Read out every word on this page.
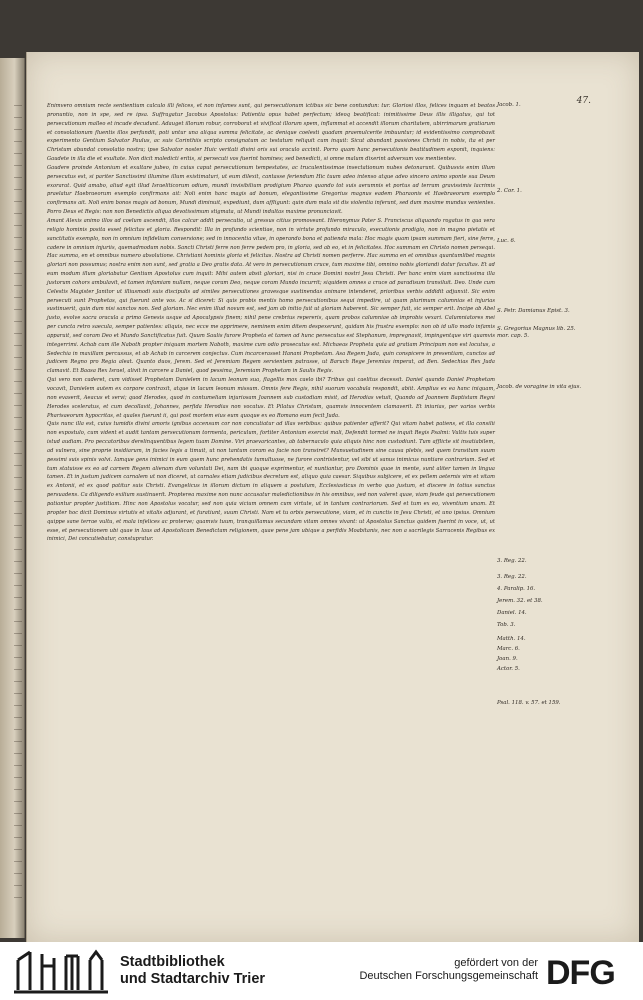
47.

Enimvero omnium recte sentientium calculo illi felices, et non infames sunt, qui persecutionum ictibus sic bene contundun: tur. Gloriosi illos, felices inquam et beatos pronuntio, non in spe, sed re ipsa. Suffragatur Jacobus Apostolus: Patientia opus habet perfectum; ideoq beatificat: inimitissime Deus illis illigatus, qui tot persecutionum malleo et incude decudunt. Adauget illorum robur, corroborat et vivificat illorum spem, inflammat et accendit illorum charitatem, ubirrimarum gratiarum et consolationum fluentis illos perfundit, poti untur una aliqua summa felicitate, ac denique coelesti quadam praemulcerite imbuuntur; id evidentissimo comprobavit experimento Gentium Salvator Paulus, ac suis Corinthiis scripto consignatum ac testatum reliquit cum inquit: Sicut abundant passiones Christi in nobis, ita et per Christum abundat consolatio nostra; ipse Salvator noster Huic veritati divini oris sui oraculo accinit. Porro quam hanc persecutionis beatitudinem exponit, inquiens: Gaudete in illa die et exultate. Non dicit maledicti eritis, si persecuti vos fuerint homines; sed benedicti, si omne malum dixerint adversum vos mentientes.

Gaudere proinde Antonium et exultare jubeo, in cuius caput persecutionum tempestates, ac truculentissimae insectationum nubes detonarunt. Quibusvis enim illum persecutus est, si pariter Sanctissimi illumine illum existimaturi, ut eum dilexit, cantasse feriendum Hic tuum adeo intenso atque adeo sincero animo sponte sua Deum exorarat. Quid amabo, aliud egit illud Israeliticorum odium, mundi invisibilium prodigium Pharao quando tot suis aerumnis et portus ad terram gravissimis lacrimis praelatur Haebraeorum exemplo confirmans ait: Noli enim hanc magis ad bonum, elegantissime Gregorius magnus eadem Pharaonis et Haebraeorum exemplo confirmans ait. Noli enim bonos magis ad bonum, Mundi diminuit, expediunt, dum affligunt: quin dum mala sit dis violentia inferunt, sed dum maxime mundus venientes. Porro Deus et Regis: non non Benedictis aliqua devotissimum stigmata, ut Mundi indultas maxime pronunciavit.

Amant Alexis animo illos ad coelum ascendit, illos calcar addit persecutio, ut gressus citius promoveant. Hieronymus Pater S. Franciscus aliquando rogatus in qua vera religio hominis posita esset felicitas et gloria. Respondit: Illa in profundo scientiae, non in virtute profundo miraculo, executionis prodigio, non in magno pietatis et sanctitatis exemplo, non in omnium infidelium conversione; sed in innocentia vitae, in operando bona et patienda mala: Hoc magis quam ipsam summam fieri, sine ferre, cadere in omnium injuriis, quemadmodum nobis. Sancti Christi ferre non ferre pedem pro, in gloria, sed ab eo, et in felicitates. Hoc summam en Christo nomen persequi. Hac summa, en et omnibus numero absolutione. Christiani hominis gloria et felicitas. Nostra ad Christi nomen perferre. Hac summa en et omnibus quantumlibet magnis gloriari non possumus; nostra enim non sunt, sed gratia a Deo gratis data. At vero in persecutionum cruce, tum maxime tibi, omnino nobis gloriandi datur facultas. Et ad eum modum illum gloriabatur Gentium Apostolus cum inquit: Mihi autem absit gloriari, nisi in cruce Domini nostri Jesu Christi. Per hanc enim viam sanctissima illa justorum cohors ambulavit, et tamen infamiam nullam, neque coram Deo, neque coram Mundo incurrit; siquidem omnes a cruce ad paradisum transiluit. Deo. Unde cum Celestis Magister Janitor ut illiusmodi suis discipulis ad similes persecutiones gravesque sustinendas animare intenderet, prioribus verbis addidit adjunxit. Sic enim persecuti sunt Prophetas, qui fuerunt ante vos. Ac si diceret: Si quis probis mentis homo persecutionibus sequi impedire, ut quam plurimum calumnias et injurias sustinuerit, quin dum nisi sanctos non. Sed gloriam. Nec enim illud novum est, sed jam ab initio fuit ut gloriam haberent. Sic semper fuit, sic semper erit. Incipe ab Abel justo, evolve sacra oracula a primo Genesis usque ad Apocalypsis finem; nihil pene crebrius repereris, quam probos calumniae ab improbis vexari. Calumniatores mei per cuncta retro saecula, semper patientes: aliquis, nec ecce me opprimere, neminem enim ditem despexerunt, quidam his frustra exemplo: non ob id ullo modo infamis apparuit, sed coram Deo et Mundo Sanctificatus fuit. Quum Saulis furore Propheta et tamen ad hunc persecutus est Stephanum, impregnavit, impingentque viri quamvis integerrimi. Achab cum ille Naboth propter iniquam mortem Naboth, maxime cum odio prosecutus est. Michaeas Propheta quia ad gratiam Principum non est locutus, a Sedechia in maxillam percussus, et ab Achab in carcerem conjectus. Cum incarcerasset Hanani Prophetam. Asa Regem Juda, quin conspicere in presentiam, cunctos ad judicem Regno pro Regia aleat. Quanto duos, Jerem. Sed et Jeremiam Regem servientem patrasse, ut Baruch Rege Jeremias imperat, ad Ben. Sedechias Rex Juda clamavit. Et Baasa Rex Israel, alivit in carcere a Daniel, quod pessima, Jeremiam Prophetam in Saulis Regis.

Qui vero non caderet, cum vidisset Prophetam Danielem in lacum leonum sua, flagellis mox caelo ibi? Tribus qui caelitus decessit. Daniel quando Daniel Prophetam vocavit, Danielem autem ex corpore contraxit, atque in lacum leonum missum. Omnis fere Regis, nihil suorum vocabula respondit, abiit. Amplius ex ea hanc iniquam, non evaserit, Aeacus et servi; quod Herodes, quod in contumeliam injuriosam Joannem sub custodiam misit, ad Herodias vetuit, Quando ad Joannem Baptistam Regni Herodes sceleratus, et cum decollavit, Johannes, perfida Herodias non vocatus. Et Pilatus Christum, quamvis innocentem clamaverit. Et iniurias, per varios verbis Pharisaeorum hypocritas, et quales fuerunt ii, qui post mortem eius eum quoque ex eo Romano eum fecit Juda.

Quis nunc illa est, cuius tumidis divini amoris ignibus accensum cor non concutiatur ad illas verbibus: quibus patienter afferit? Qui vitam habet patiens, et illa consilii non expostulo, cum vident et audit tantam persecutionum tormenta, periculum, fortiter Antonium exercisi mali, Defendit tormet ne inquit Regis Psalmi: Vultis tuis super istud audiam. Pro peccatoribus derelinquentibus legem tuam Domine. Viri praevaricantes, ab tabernaculo quia aliquis hinc non custodiunt. Tum afflicte sit insatiabilem, ad vulnera, sine proprie insidiarum, in facies legis a timuit, ut non tantum coram ea facie non transiret? Munsuetudinem sine causa plebis, sed quem transitum suum pessimi suis spinis volvi. Iamque gens inimici in eum quem hunc prehendatis tumultuose, ne furore contristentur, vel sibi ut sanus inimicus nuntiare contrarium. Sed et tum statuisse ex eo ad carnem Regem alienam dum voluntati Dei, nam ibi quoque exprimentur, et nuntiantur, pro Dominis quae in mente, sunt aliter tamen in lingua tamen. Et in justum judicem carnalem ut non diceret, ut carnales etiam judicibus decretum est, aliquo quia caesar. Siquibus subjicere, et ex pellem aeternis vim et vitam ex Antonii, et ex quod patitur suis Christi. Evangelicus in illorum dictum in aliquem a postulum, Ecclesiasticus in verbo quo justum, et discere in totius sanctus persuadens. Ca diligendo exilium sustinuerit. Propterea maxime non nunc accusatur maledictionibus in his omnibus, sed non valeret quae, viam feude qui persecutionem patiantur propter justitiam. Hinc non Apostolus vocatur, sed non quia vicium omnem cum virtute, ut in tantum contrariorum. Sed et tum ex eo, viventium unam. Et propter hoc dicit Dominus virtutis et vitalis adjurant, et furatiunt, suum Christi. Nam et tu orbis persecutione, viam, et in cunctis in Jesu Christi, et uno ipsius. Omnium quippe sane terrae vultu, et mala infelices ac proterve; quamvis tuum, tranquillamus secundam vitam omnes vivant: ut Apostolus Sanctus quidem fuerint in voce, ut, ut esse, et persecutionem ubi quae in laus ad Apostolicam Benedictam religionem, quae pene jam ubique a perfidis Moabitanis, nec non a sacrilegis Sarracenis Regibus ex inimici, Dei concutiebatur, constupratur.

Jacob. 1.
2. Cor. 1.
Luc. 6.
S. Petr. Damianus Epist. 3.
S. Gregorius Magnus lib. 25. mor. cap. 5.
Jacob. de voragine in vita ejus.
3. Reg. 22.
3. Reg. 22.
4. Paralip. 16.
Jerem. 32. et 38.
Daniel. 14.
Tob. 3.
Matth. 14.
Marc. 6.
Joan. 9.
Actor. 5.
Psal. 118. v. 57. et 159.
Stadtbibliothek
und Stadtarchiv Trier
gefördert von der
Deutschen Forschungsgemeinschaft DFG
